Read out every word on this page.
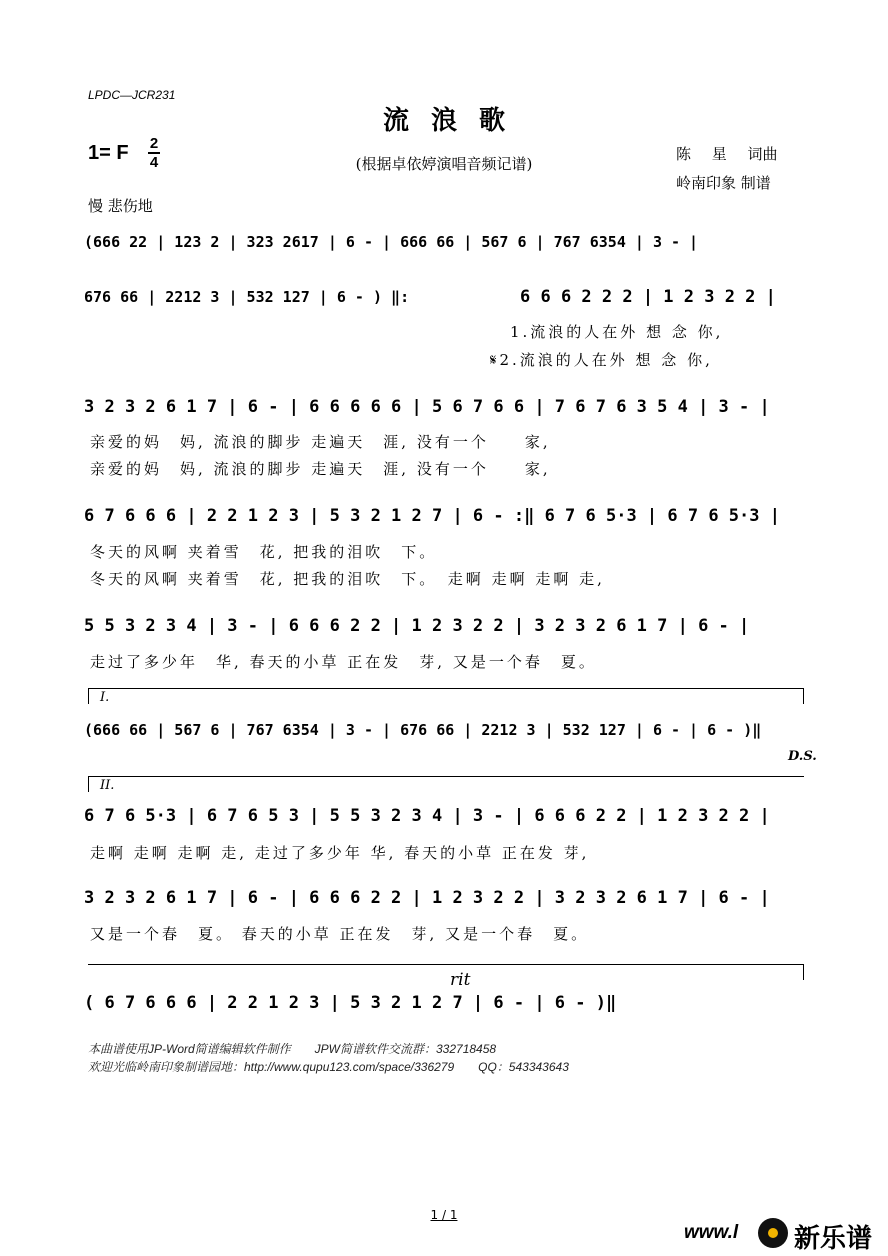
LPDC—JCR231
流浪歌
1= F 2
4	(根据卓依婷演唱音频记谱)
陈 星 词曲
岭南印象 制谱
慢 悲伤地
(666 22 | 123 2 | 323 2617 | 6 - | 666 66 | 567 6 | 767 6354 | 3 - |
676 66 | 2212 3 | 532 127 | 6 - ) ‖:	6 6 6 2 2 2 | 1 2 3 2 2 |
1.流浪的人在外 想 念 你,
𝄋2.流浪的人在外 想 念 你,
3 2 3 2 6 1 7 | 6 - | 6 6 6 6 6 | 5 6 7 6 6 | 7 6 7 6 3 5 4 | 3 - |
亲爱的妈　妈, 流浪的脚步 走遍天　涯, 没有一个　　家,
亲爱的妈　妈, 流浪的脚步 走遍天　涯, 没有一个　　家,
6 7 6 6 6 | 2 2 1 2 3 | 5 3 2 1 2 7 | 6 - :‖ 6 7 6 5·3 | 6 7 6 5·3 |
冬天的风啊 夹着雪　花, 把我的泪吹　下。
冬天的风啊 夹着雪　花, 把我的泪吹　下。　走啊 走啊 走啊 走,
5 5 3 2 3 4 | 3 - | 6 6 6 2 2 | 1 2 3 2 2 | 3 2 3 2 6 1 7 | 6 - |
走过了多少年　华, 春天的小草 正在发　芽, 又是一个春　夏。
I.
(666 66 | 567 6 | 767 6354 | 3 - | 676 66 | 2212 3 | 532 127 | 6 - | 6 - )‖
D.S.
II.
6 7 6 5·3 | 6 7 6 5 3 | 5 5 3 2 3 4 | 3 - | 6 6 6 2 2 | 1 2 3 2 2 |
走啊 走啊 走啊 走, 走过了多少年 华, 春天的小草 正在发 芽,
3 2 3 2 6 1 7 | 6 - | 6 6 6 2 2 | 1 2 3 2 2 | 3 2 3 2 6 1 7 | 6 - |
又是一个春　夏。 春天的小草 正在发　芽, 又是一个春　夏。
rit
( 6 7 6 6 6 | 2 2 1 2 3 | 5 3 2 1 2 7 | 6 - | 6 - )‖
本曲谱使用JP-Word简谱编辑软件制作　　JPW简谱软件交流群：332718458
欢迎光临岭南印象制谱园地：http://www.qupu123.com/space/336279　　QQ：543343643
1 / 1
www.l 新乐谱
